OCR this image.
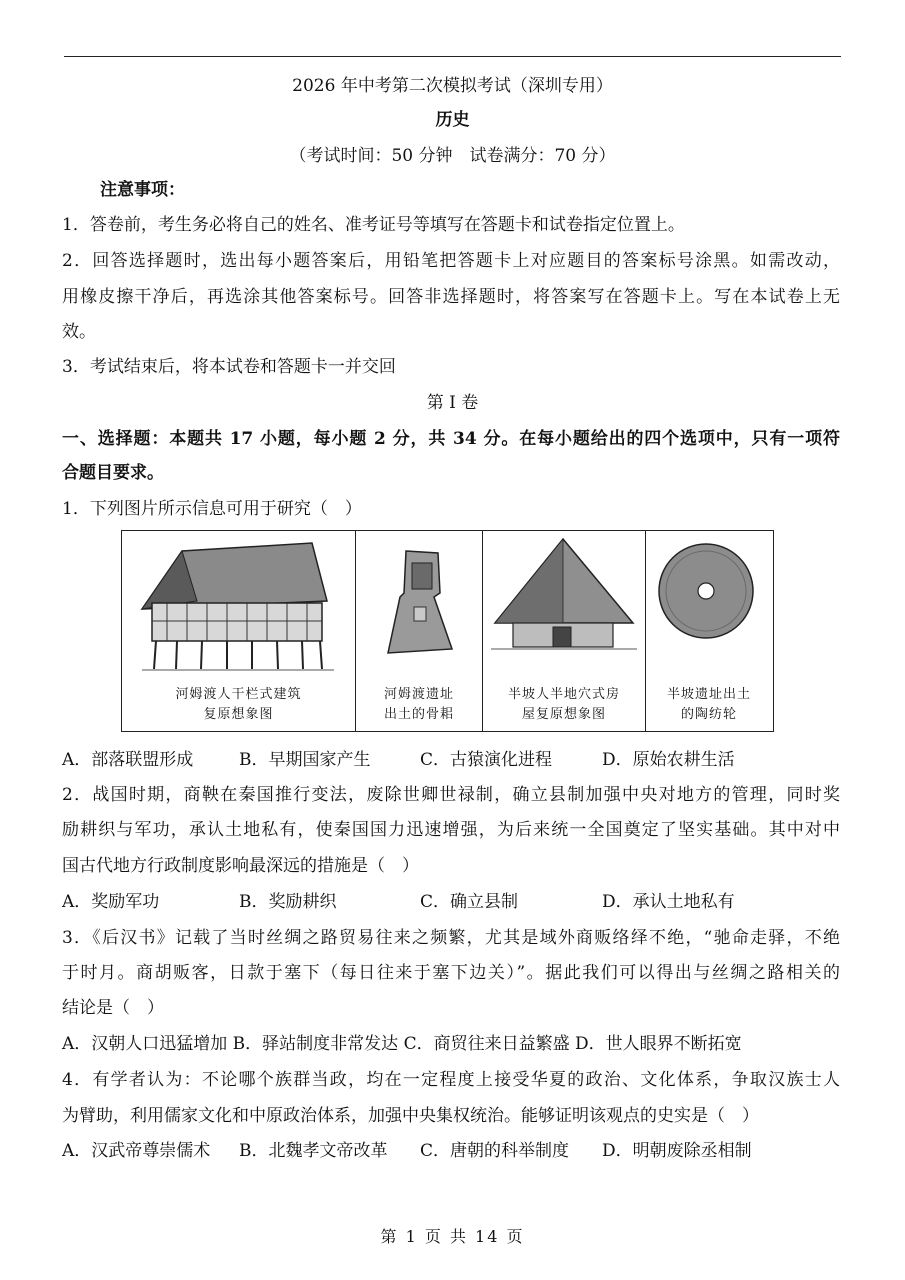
2026 年中考第二次模拟考试（深圳专用）
历史
（考试时间：50 分钟　试卷满分：70 分）
注意事项：
1．答卷前，考生务必将自己的姓名、准考证号等填写在答题卡和试卷指定位置上。
2．回答选择题时，选出每小题答案后，用铅笔把答题卡上对应题目的答案标号涂黑。如需改动，
用橡皮擦干净后，再选涂其他答案标号。回答非选择题时，将答案写在答题卡上。写在本试卷上无
效。
3．考试结束后，将本试卷和答题卡一并交回
第 I 卷
一、选择题：本题共 17 小题，每小题 2 分，共 34 分。在每小题给出的四个选项中，只有一项符
合题目要求。
1．下列图片所示信息可用于研究（　）
河姆渡人干栏式建筑
复原想象图
河姆渡遗址
出土的骨耜
半坡人半地穴式房
屋复原想象图
半坡遗址出土
的陶纺轮
A．部落联盟形成	B．早期国家产生	C．古猿演化进程	D．原始农耕生活
2．战国时期，商鞅在秦国推行变法，废除世卿世禄制，确立县制加强中央对地方的管理，同时奖
励耕织与军功，承认土地私有，使秦国国力迅速增强，为后来统一全国奠定了坚实基础。其中对中
国古代地方行政制度影响最深远的措施是（　）
A．奖励军功	B．奖励耕织	C．确立县制	D．承认土地私有
3．《后汉书》记载了当时丝绸之路贸易往来之频繁，尤其是域外商贩络绎不绝，“驰命走驿，不绝
于时月。商胡贩客，日款于塞下（每日往来于塞下边关）”。据此我们可以得出与丝绸之路相关的
结论是（　）
A．汉朝人口迅猛增加 B．驿站制度非常发达 C．商贸往来日益繁盛 D．世人眼界不断拓宽
4．有学者认为：不论哪个族群当政，均在一定程度上接受华夏的政治、文化体系，争取汉族士人
为臂助，利用儒家文化和中原政治体系，加强中央集权统治。能够证明该观点的史实是（　）
A．汉武帝尊崇儒术 B．北魏孝文帝改革 C．唐朝的科举制度 D．明朝废除丞相制
第 1 页 共 14 页
